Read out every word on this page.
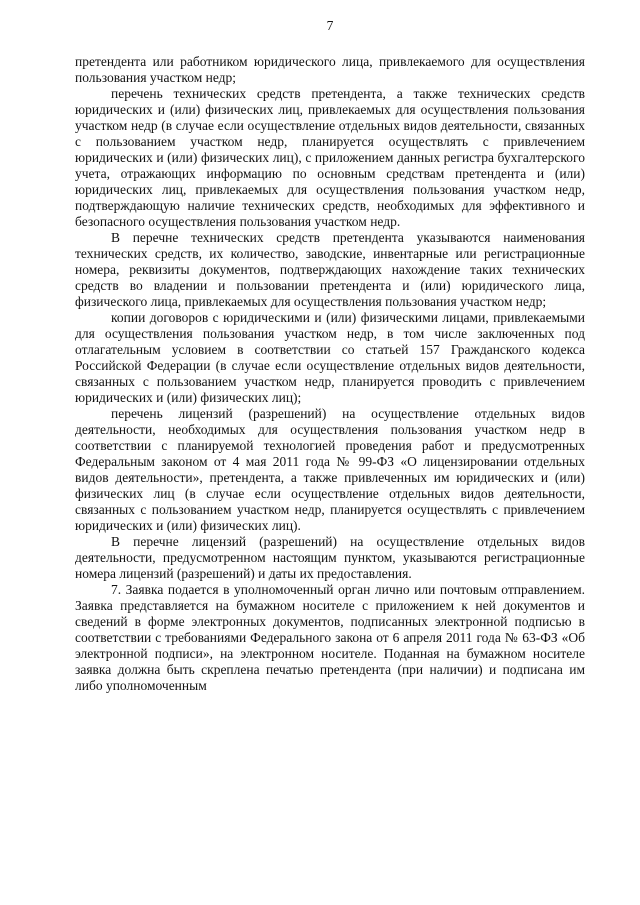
7

претендента или работником юридического лица, привлекаемого для осуществления пользования участком недр;

перечень технических средств претендента, а также технических средств юридических и (или) физических лиц, привлекаемых для осуществления пользования участком недр (в случае если осуществление отдельных видов деятельности, связанных с пользованием участком недр, планируется осуществлять с привлечением юридических и (или) физических лиц), с приложением данных регистра бухгалтерского учета, отражающих информацию по основным средствам претендента и (или) юридических лиц, привлекаемых для осуществления пользования участком недр, подтверждающую наличие технических средств, необходимых для эффективного и безопасного осуществления пользования участком недр.

В перечне технических средств претендента указываются наименования технических средств, их количество, заводские, инвентарные или регистрационные номера, реквизиты документов, подтверждающих нахождение таких технических средств во владении и пользовании претендента и (или) юридического лица, физического лица, привлекаемых для осуществления пользования участком недр;

копии договоров с юридическими и (или) физическими лицами, привлекаемыми для осуществления пользования участком недр, в том числе заключенных под отлагательным условием в соответствии со статьей 157 Гражданского кодекса Российской Федерации (в случае если осуществление отдельных видов деятельности, связанных с пользованием участком недр, планируется проводить с привлечением юридических и (или) физических лиц);

перечень лицензий (разрешений) на осуществление отдельных видов деятельности, необходимых для осуществления пользования участком недр в соответствии с планируемой технологией проведения работ и предусмотренных Федеральным законом от 4 мая 2011 года № 99-ФЗ «О лицензировании отдельных видов деятельности», претендента, а также привлеченных им юридических и (или) физических лиц (в случае если осуществление отдельных видов деятельности, связанных с пользованием участком недр, планируется осуществлять с привлечением юридических и (или) физических лиц).

В перечне лицензий (разрешений) на осуществление отдельных видов деятельности, предусмотренном настоящим пунктом, указываются регистрационные номера лицензий (разрешений) и даты их предоставления.

7. Заявка подается в уполномоченный орган лично или почтовым отправлением. Заявка представляется на бумажном носителе с приложением к ней документов и сведений в форме электронных документов, подписанных электронной подписью в соответствии с требованиями Федерального закона от 6 апреля 2011 года № 63-ФЗ «Об электронной подписи», на электронном носителе. Поданная на бумажном носителе заявка должна быть скреплена печатью претендента (при наличии) и подписана им либо уполномоченным
